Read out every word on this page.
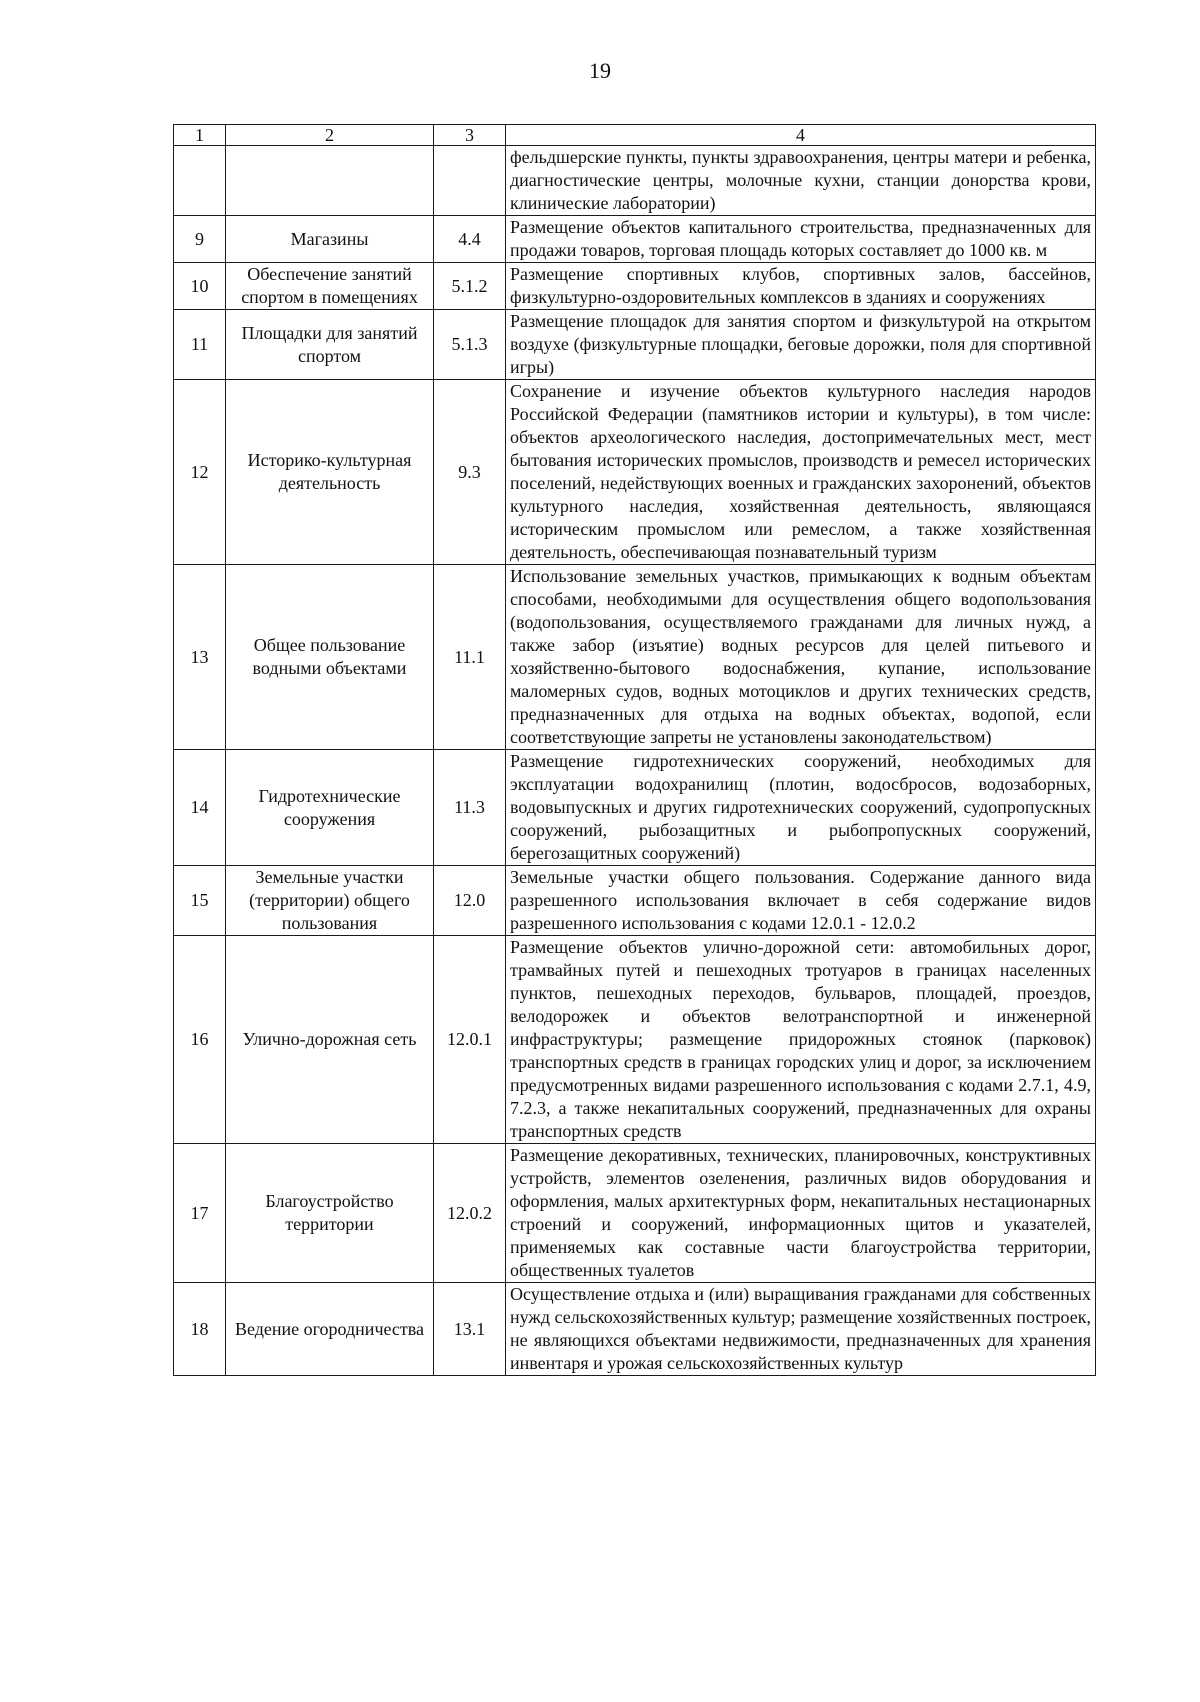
19
1	2	3	4
			фельдшерские пункты, пункты здравоохранения, центры матери и ребенка, диагностические центры, молочные кухни, станции донорства крови, клинические лаборатории)
9	Магазины	4.4	Размещение объектов капитального строительства, предназначенных для продажи товаров, торговая площадь которых составляет до 1000 кв. м
10	Обеспечение занятий спортом в помещениях	5.1.2	Размещение спортивных клубов, спортивных залов, бассейнов, физкультурно-оздоровительных комплексов в зданиях и сооружениях
11	Площадки для занятий спортом	5.1.3	Размещение площадок для занятия спортом и физкультурой на открытом воздухе (физкультурные площадки, беговые дорожки, поля для спортивной игры)
12	Историко-культурная деятельность	9.3	Сохранение и изучение объектов культурного наследия народов Российской Федерации (памятников истории и культуры), в том числе: объектов археологического наследия, достопримечательных мест, мест бытования исторических промыслов, производств и ремесел исторических поселений, недействующих военных и гражданских захоронений, объектов культурного наследия, хозяйственная деятельность, являющаяся историческим промыслом или ремеслом, а также хозяйственная деятельность, обеспечивающая познавательный туризм
13	Общее пользование водными объектами	11.1	Использование земельных участков, примыкающих к водным объектам способами, необходимыми для осуществления общего водопользования (водопользования, осуществляемого гражданами для личных нужд, а также забор (изъятие) водных ресурсов для целей питьевого и хозяйственно-бытового водоснабжения, купание, использование маломерных судов, водных мотоциклов и других технических средств, предназначенных для отдыха на водных объектах, водопой, если соответствующие запреты не установлены законодательством)
14	Гидротехнические сооружения	11.3	Размещение гидротехнических сооружений, необходимых для эксплуатации водохранилищ (плотин, водосбросов, водозаборных, водовыпускных и других гидротехнических сооружений, судопропускных сооружений, рыбозащитных и рыбопропускных сооружений, берегозащитных сооружений)
15	Земельные участки (территории) общего пользования	12.0	Земельные участки общего пользования. Содержание данного вида разрешенного использования включает в себя содержание видов разрешенного использования с кодами 12.0.1 - 12.0.2
16	Улично-дорожная сеть	12.0.1	Размещение объектов улично-дорожной сети: автомобильных дорог, трамвайных путей и пешеходных тротуаров в границах населенных пунктов, пешеходных переходов, бульваров, площадей, проездов, велодорожек и объектов велотранспортной и инженерной инфраструктуры; размещение придорожных стоянок (парковок) транспортных средств в границах городских улиц и дорог, за исключением предусмотренных видами разрешенного использования с кодами 2.7.1, 4.9, 7.2.3, а также некапитальных сооружений, предназначенных для охраны транспортных средств
17	Благоустройство территории	12.0.2	Размещение декоративных, технических, планировочных, конструктивных устройств, элементов озеленения, различных видов оборудования и оформления, малых архитектурных форм, некапитальных нестационарных строений и сооружений, информационных щитов и указателей, применяемых как составные части благоустройства территории, общественных туалетов
18	Ведение огородничества	13.1	Осуществление отдыха и (или) выращивания гражданами для собственных нужд сельскохозяйственных культур; размещение хозяйственных построек, не являющихся объектами недвижимости, предназначенных для хранения инвентаря и урожая сельскохозяйственных культур
